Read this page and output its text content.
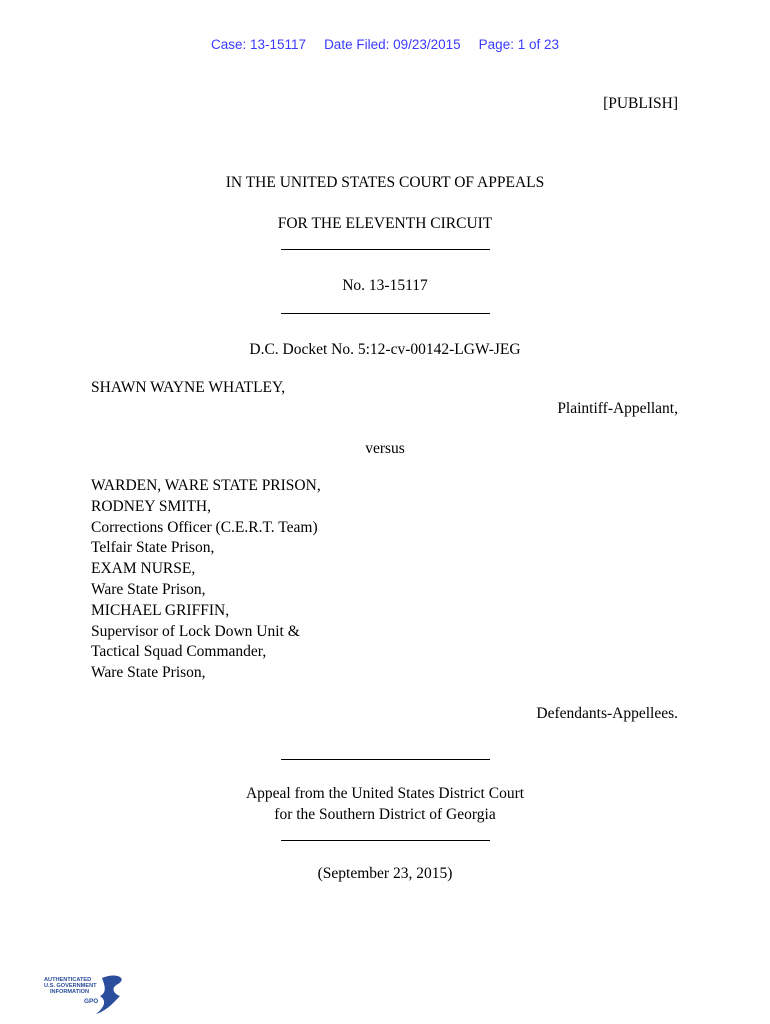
Case: 13-15117 Date Filed: 09/23/2015 Page: 1 of 23
[PUBLISH]
IN THE UNITED STATES COURT OF APPEALS
FOR THE ELEVENTH CIRCUIT
No. 13-15117
D.C. Docket No. 5:12-cv-00142-LGW-JEG
SHAWN WAYNE WHATLEY,
Plaintiff-Appellant,
versus
WARDEN, WARE STATE PRISON,
RODNEY SMITH,
Corrections Officer (C.E.R.T. Team)
Telfair State Prison,
EXAM NURSE,
Ware State Prison,
MICHAEL GRIFFIN,
Supervisor of Lock Down Unit &
Tactical Squad Commander,
Ware State Prison,
Defendants-Appellees.
Appeal from the United States District Court
for the Southern District of Georgia
(September 23, 2015)
AUTHENTICATED
U.S. GOVERNMENT
INFORMATION
GPO
